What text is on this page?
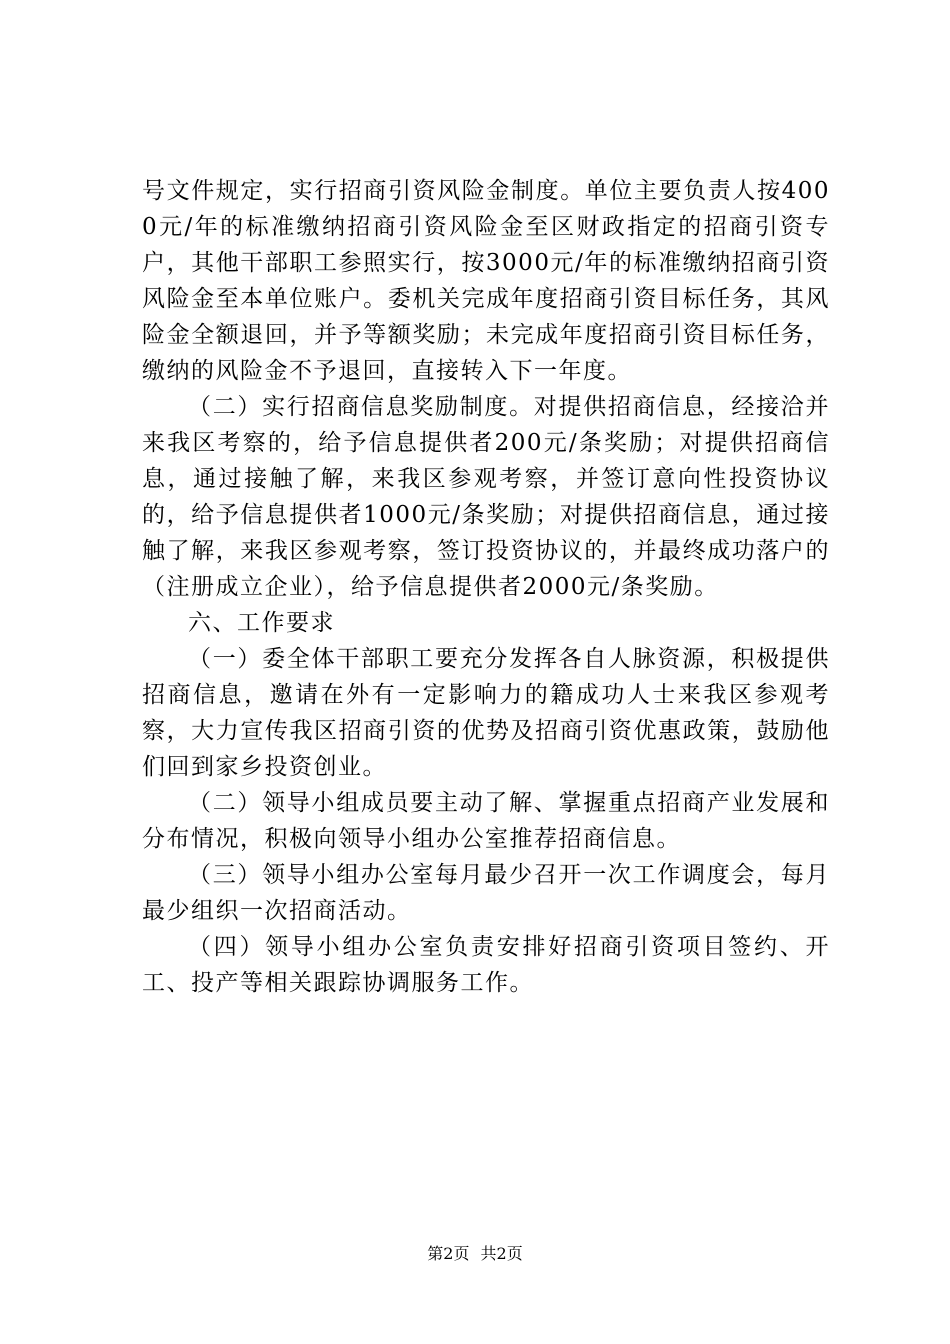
号文件规定，实行招商引资风险金制度。单位主要负责人按4000元/年的标准缴纳招商引资风险金至区财政指定的招商引资专户，其他干部职工参照实行，按3000元/年的标准缴纳招商引资风险金至本单位账户。委机关完成年度招商引资目标任务，其风险金全额退回，并予等额奖励；未完成年度招商引资目标任务，缴纳的风险金不予退回，直接转入下一年度。

（二）实行招商信息奖励制度。对提供招商信息，经接洽并来我区考察的，给予信息提供者200元/条奖励；对提供招商信息，通过接触了解，来我区参观考察，并签订意向性投资协议的，给予信息提供者1000元/条奖励；对提供招商信息，通过接触了解，来我区参观考察，签订投资协议的，并最终成功落户的（注册成立企业），给予信息提供者2000元/条奖励。

六、工作要求

（一）委全体干部职工要充分发挥各自人脉资源，积极提供招商信息，邀请在外有一定影响力的籍成功人士来我区参观考察，大力宣传我区招商引资的优势及招商引资优惠政策，鼓励他们回到家乡投资创业。

（二）领导小组成员要主动了解、掌握重点招商产业发展和分布情况，积极向领导小组办公室推荐招商信息。

（三）领导小组办公室每月最少召开一次工作调度会，每月最少组织一次招商活动。

（四）领导小组办公室负责安排好招商引资项目签约、开工、投产等相关跟踪协调服务工作。

第2页 共2页
